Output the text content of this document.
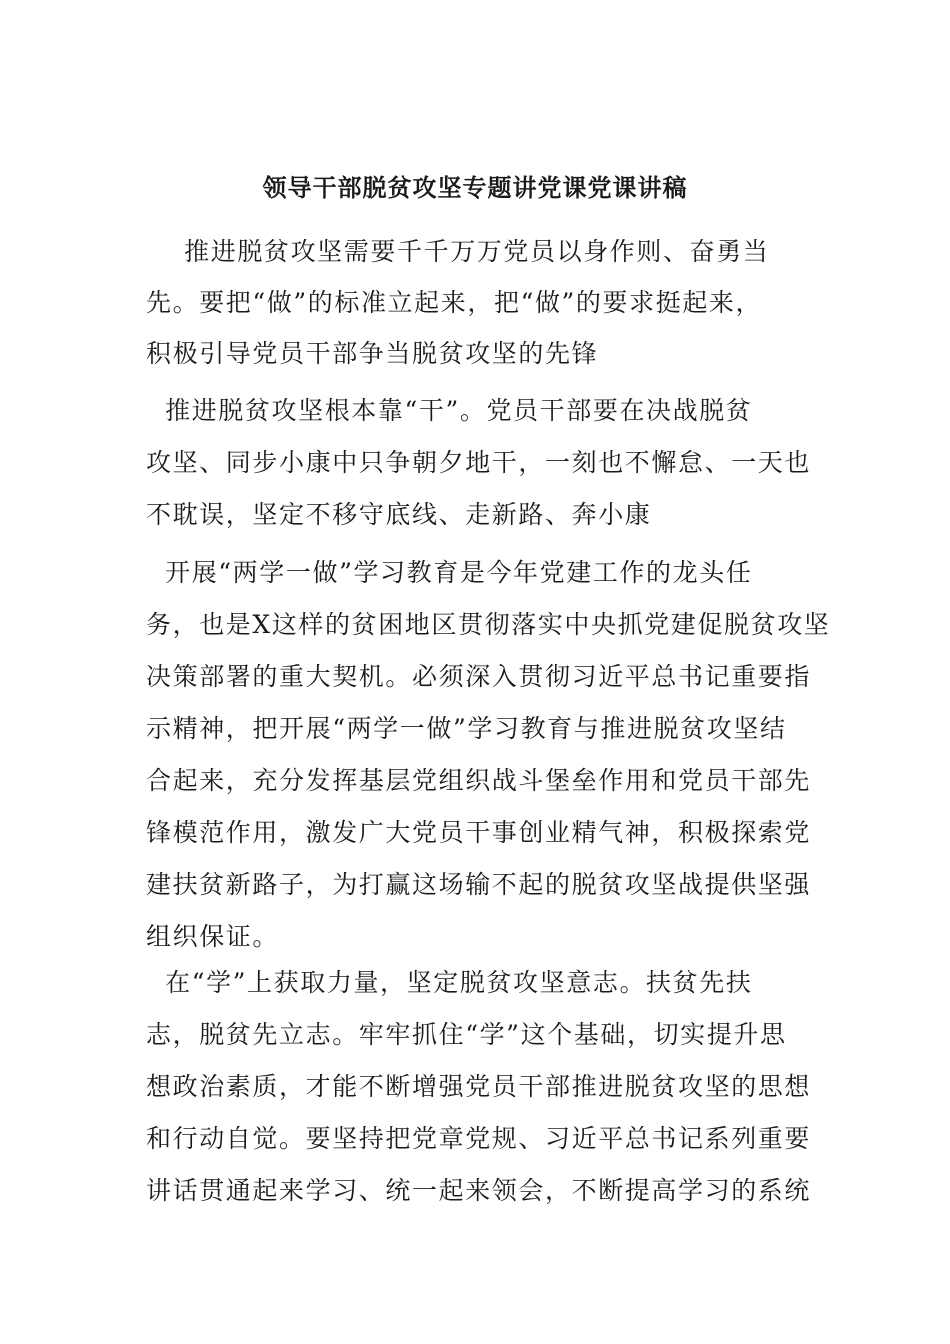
领导干部脱贫攻坚专题讲党课党课讲稿
推进脱贫攻坚需要千千万万党员以身作则、奋勇当
先。要把“做”的标准立起来，把“做”的要求挺起来，
积极引导党员干部争当脱贫攻坚的先锋
推进脱贫攻坚根本靠“干”。党员干部要在决战脱贫
攻坚、同步小康中只争朝夕地干，一刻也不懈怠、一天也
不耽误，坚定不移守底线、走新路、奔小康
开展“两学一做”学习教育是今年党建工作的龙头任
务，也是X这样的贫困地区贯彻落实中央抓党建促脱贫攻坚
决策部署的重大契机。必须深入贯彻习近平总书记重要指
示精神，把开展“两学一做”学习教育与推进脱贫攻坚结
合起来，充分发挥基层党组织战斗堡垒作用和党员干部先
锋模范作用，激发广大党员干事创业精气神，积极探索党
建扶贫新路子，为打赢这场输不起的脱贫攻坚战提供坚强
组织保证。
在“学”上获取力量，坚定脱贫攻坚意志。扶贫先扶
志，脱贫先立志。牢牢抓住“学”这个基础，切实提升思
想政治素质，才能不断增强党员干部推进脱贫攻坚的思想
和行动自觉。要坚持把党章党规、习近平总书记系列重要
讲话贯通起来学习、统一起来领会，不断提高学习的系统
